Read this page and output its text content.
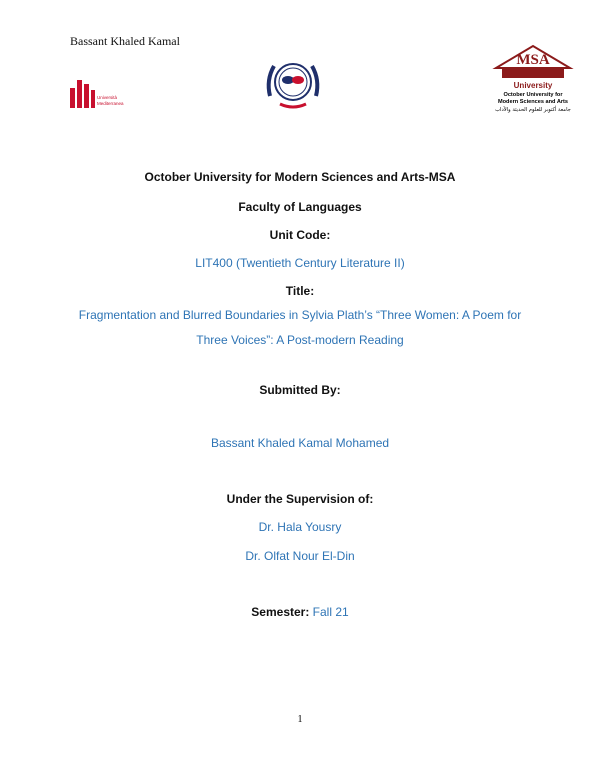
Bassant Khaled Kamal
Università
Mediterranea
MSA
University
October University for
Modern Sciences and Arts
جامعة أكتوبر للعلوم الحديثة والآداب
October University for Modern Sciences and Arts-MSA
Faculty of Languages
Unit Code:
LIT400 (Twentieth Century Literature II)
Title:
Fragmentation and Blurred Boundaries in Sylvia Plath’s “Three Women: A Poem for
Three Voices”: A Post-modern Reading
Submitted By:
Bassant Khaled Kamal Mohamed
Under the Supervision of:
Dr. Hala Yousry
Dr. Olfat Nour El-Din
Semester: Fall 21
1
